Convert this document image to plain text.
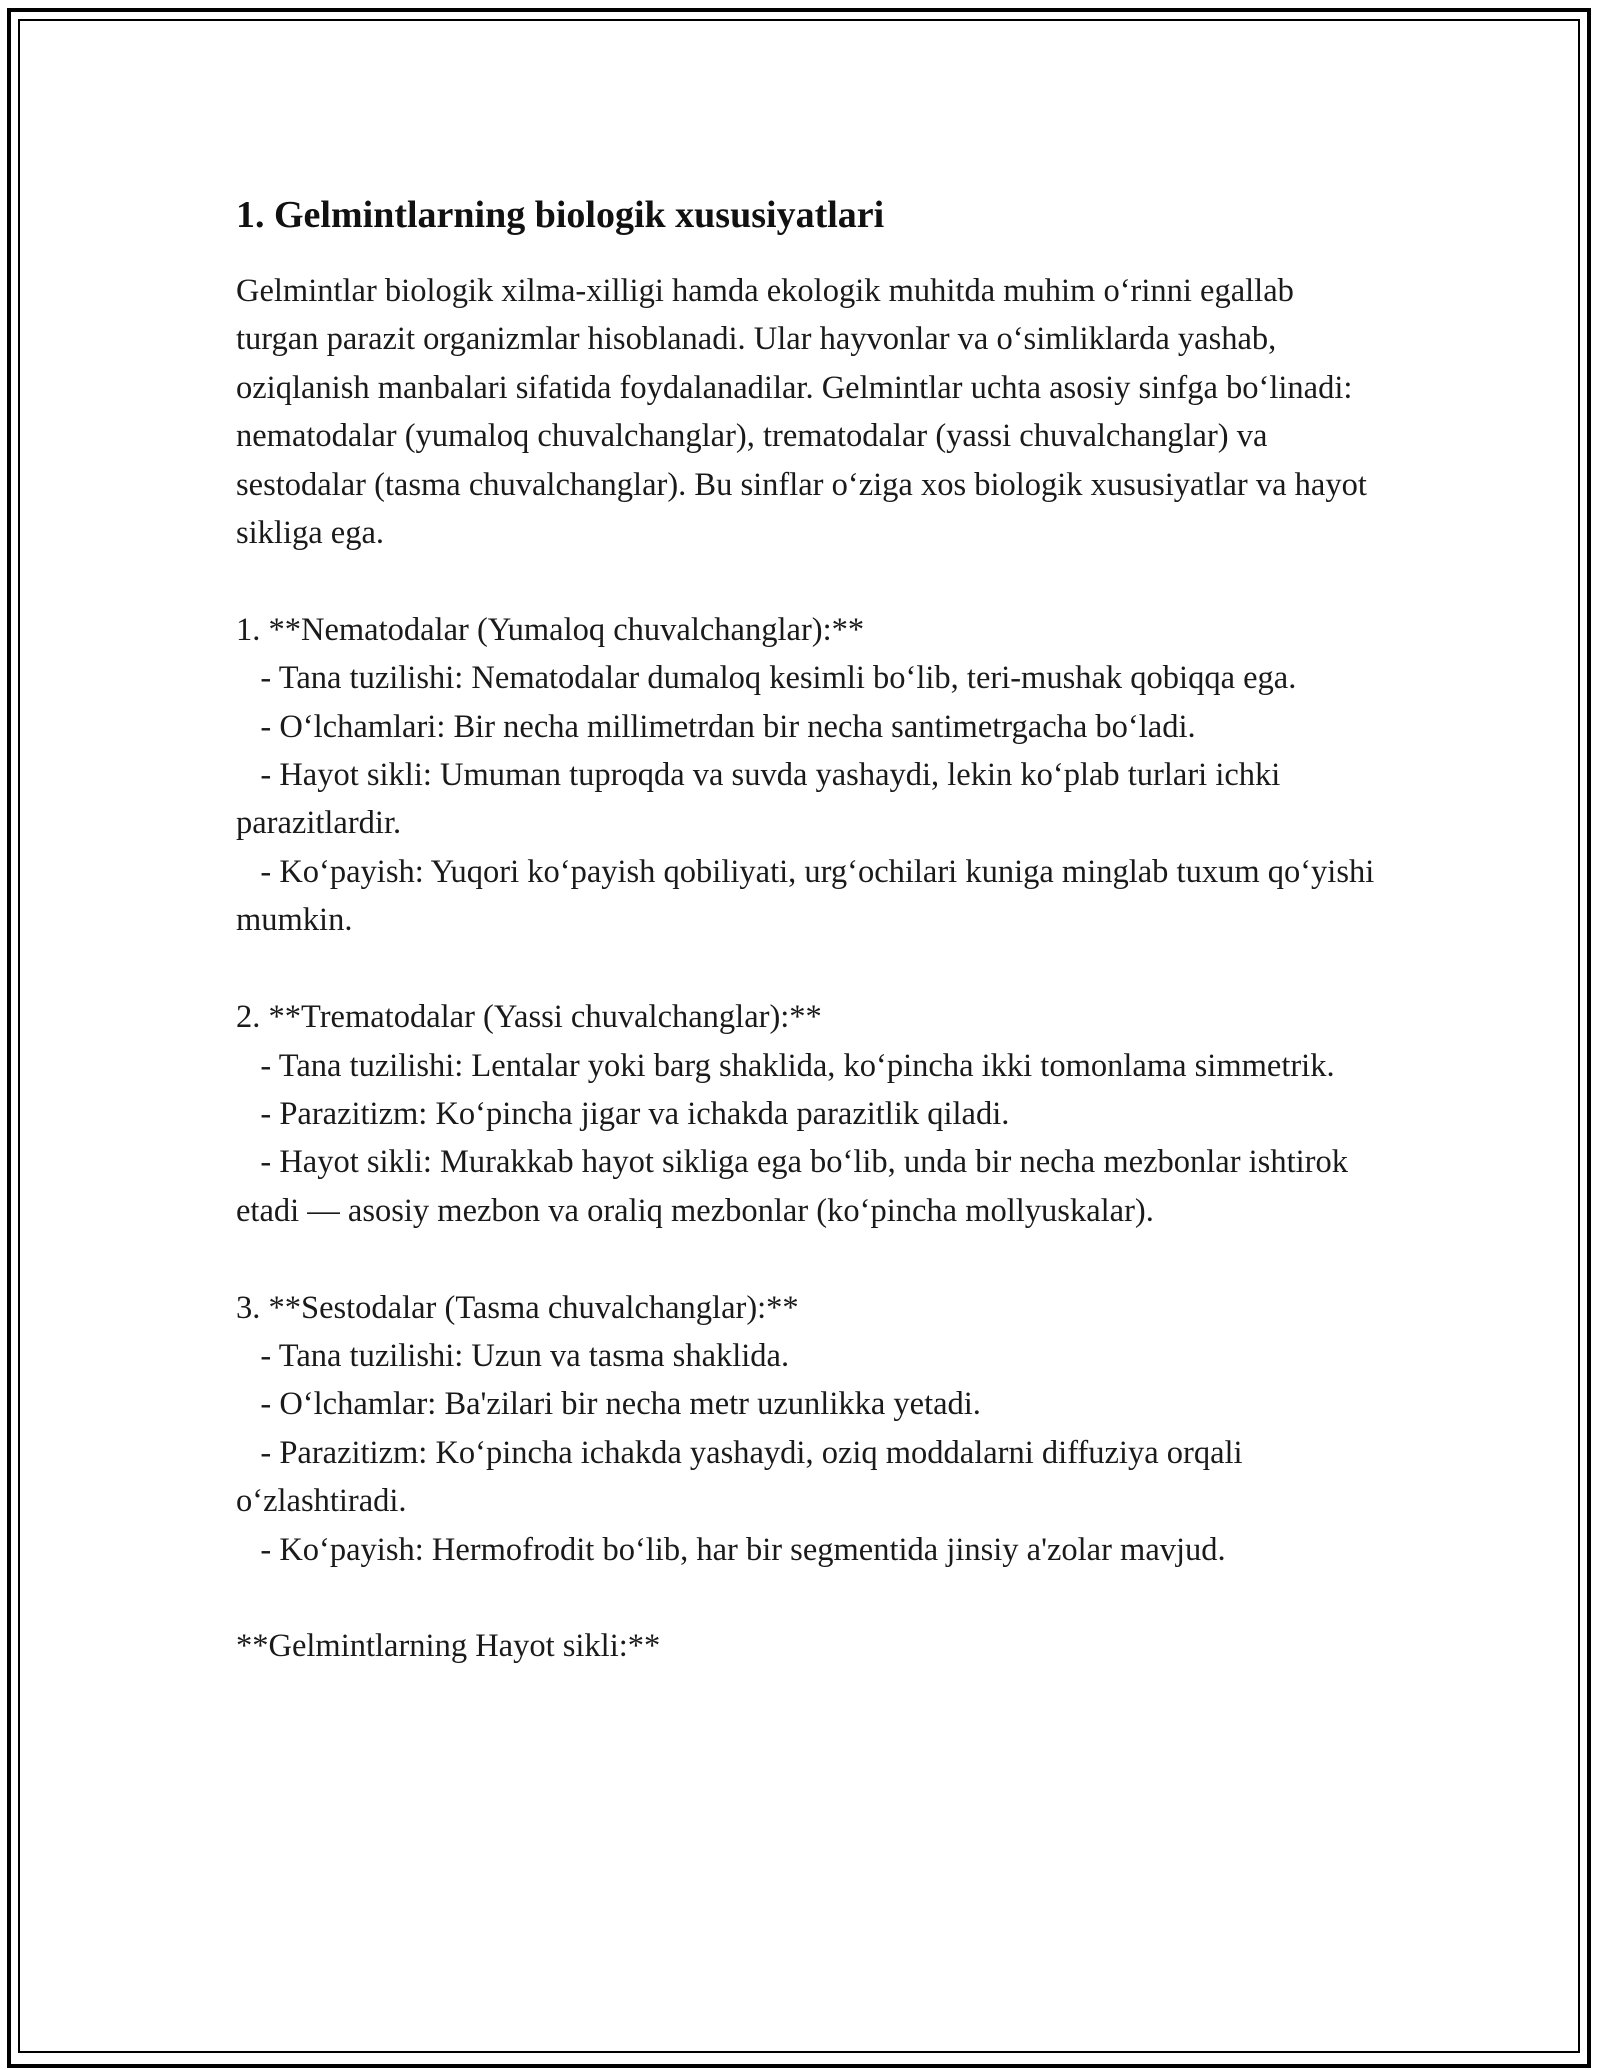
1. Gelmintlarning biologik xususiyatlari

Gelmintlar biologik xilma-xilligi hamda ekologik muhitda muhim o‘rinni egallab turgan parazit organizmlar hisoblanadi. Ular hayvonlar va o‘simliklarda yashab, oziqlanish manbalari sifatida foydalanadilar. Gelmintlar uchta asosiy sinfga bo‘linadi: nematodalar (yumaloq chuvalchanglar), trematodalar (yassi chuvalchanglar) va sestodalar (tasma chuvalchanglar). Bu sinflar o‘ziga xos biologik xususiyatlar va hayot sikliga ega.

1. **Nematodalar (Yumaloq chuvalchanglar):**
- Tana tuzilishi: Nematodalar dumaloq kesimli bo‘lib, teri-mushak qobiqqa ega.
- O‘lchamlari: Bir necha millimetrdan bir necha santimetrgacha bo‘ladi.
- Hayot sikli: Umuman tuproqda va suvda yashaydi, lekin ko‘plab turlari ichki parazitlardir.
- Ko‘payish: Yuqori ko‘payish qobiliyati, urg‘ochilari kuniga minglab tuxum qo‘yishi mumkin.

2. **Trematodalar (Yassi chuvalchanglar):**
- Tana tuzilishi: Lentalar yoki barg shaklida, ko‘pincha ikki tomonlama simmetrik.
- Parazitizm: Ko‘pincha jigar va ichakda parazitlik qiladi.
- Hayot sikli: Murakkab hayot sikliga ega bo‘lib, unda bir necha mezbonlar ishtirok etadi — asosiy mezbon va oraliq mezbonlar (ko‘pincha mollyuskalar).

3. **Sestodalar (Tasma chuvalchanglar):**
- Tana tuzilishi: Uzun va tasma shaklida.
- O‘lchamlar: Ba'zilari bir necha metr uzunlikka yetadi.
- Parazitizm: Ko‘pincha ichakda yashaydi, oziq moddalarni diffuziya orqali o‘zlashtiradi.
- Ko‘payish: Hermofrodit bo‘lib, har bir segmentida jinsiy a'zolar mavjud.

**Gelmintlarning Hayot sikli:**
